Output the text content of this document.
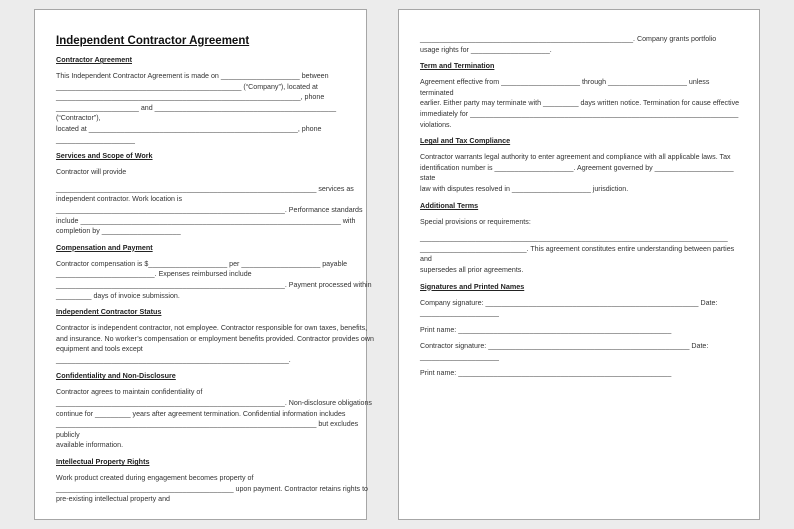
Independent Contractor Agreement
Contractor Agreement
This Independent Contractor Agreement is made on ____________________ between
_______________________________________________ (“Company”), located at
______________________________________________________________, phone
_____________________ and ______________________________________________ (“Contractor”),
located at _____________________________________________________, phone
____________________
Services and Scope of Work
Contractor will provide
__________________________________________________________________ services as
independent contractor. Work location is
__________________________________________________________. Performance standards
include __________________________________________________________________ with
completion by ____________________
Compensation and Payment
Contractor compensation is $____________________ per ____________________ payable
_________________________. Expenses reimbursed include
__________________________________________________________. Payment processed within
_________ days of invoice submission.
Independent Contractor Status
Contractor is independent contractor, not employee. Contractor responsible for own taxes, benefits,
and insurance. No worker’s compensation or employment benefits provided. Contractor provides own
equipment and tools except ___________________________________________________________.
Confidentiality and Non-Disclosure
Contractor agrees to maintain confidentiality of
__________________________________________________________. Non-disclosure obligations
continue for _________ years after agreement termination. Confidential information includes
__________________________________________________________________ but excludes publicly
available information.
Intellectual Property Rights
Work product created during engagement becomes property of
_____________________________________________ upon payment. Contractor retains rights to
pre-existing intellectual property and
______________________________________________________. Company grants portfolio
usage rights for ____________________.
Term and Termination
Agreement effective from ____________________ through ____________________ unless terminated
earlier. Either party may terminate with _________ days written notice. Termination for cause effective
immediately for ____________________________________________________________________
violations.
Legal and Tax Compliance
Contractor warrants legal authority to enter agreement and compliance with all applicable laws. Tax
identification number is ____________________. Agreement governed by ____________________ state
law with disputes resolved in ____________________ jurisdiction.
Additional Terms
Special provisions or requirements:
______________________________________________________________________________
___________________________. This agreement constitutes entire understanding between parties and
supersedes all prior agreements.
Signatures and Printed Names
Company signature: ______________________________________________________ Date:
____________________
Print name: ______________________________________________________
Contractor signature: ___________________________________________________ Date:
____________________
Print name: ______________________________________________________
